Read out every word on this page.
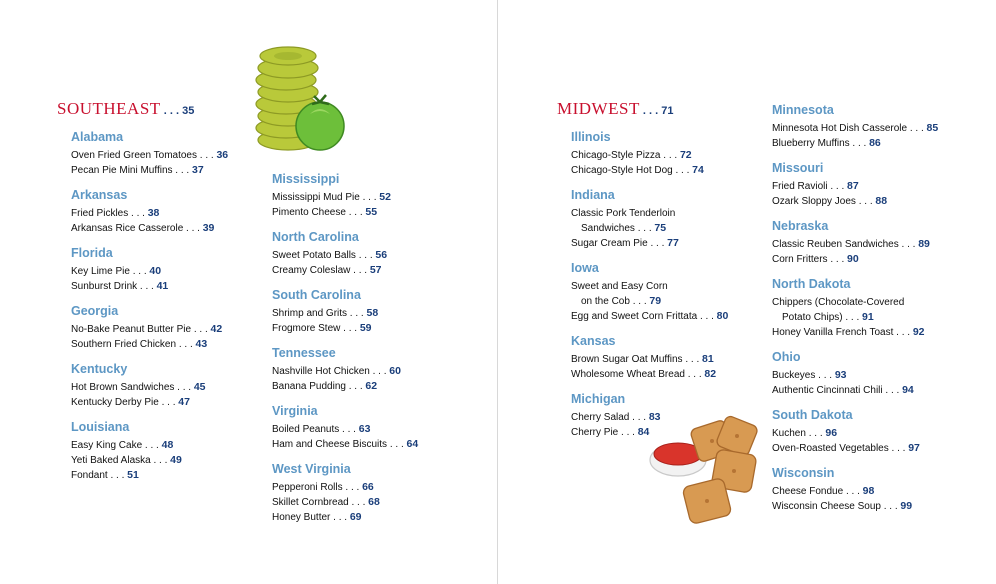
SOUTHEAST . . . 35
Alabama
Oven Fried Green Tomatoes . . . 36
Pecan Pie Mini Muffins . . . 37
Arkansas
Fried Pickles . . . 38
Arkansas Rice Casserole . . . 39
Florida
Key Lime Pie . . . 40
Sunburst Drink . . . 41
Georgia
No-Bake Peanut Butter Pie . . . 42
Southern Fried Chicken . . . 43
Kentucky
Hot Brown Sandwiches . . . 45
Kentucky Derby Pie . . . 47
Louisiana
Easy King Cake . . . 48
Yeti Baked Alaska . . . 49
Fondant . . . 51
Mississippi
Mississippi Mud Pie . . . 52
Pimento Cheese . . . 55
North Carolina
Sweet Potato Balls . . . 56
Creamy Coleslaw . . . 57
South Carolina
Shrimp and Grits . . . 58
Frogmore Stew . . . 59
Tennessee
Nashville Hot Chicken . . . 60
Banana Pudding . . . 62
Virginia
Boiled Peanuts . . . 63
Ham and Cheese Biscuits . . . 64
West Virginia
Pepperoni Rolls . . . 66
Skillet Cornbread . . . 68
Honey Butter . . . 69
MIDWEST . . . 71
Illinois
Chicago-Style Pizza . . . 72
Chicago-Style Hot Dog . . . 74
Indiana
Classic Pork Tenderloin
Sandwiches . . . 75
Sugar Cream Pie . . . 77
Iowa
Sweet and Easy Corn
on the Cob . . . 79
Egg and Sweet Corn Frittata . . . 80
Kansas
Brown Sugar Oat Muffins . . . 81
Wholesome Wheat Bread . . . 82
Michigan
Cherry Salad . . . 83
Cherry Pie . . . 84
Minnesota
Minnesota Hot Dish Casserole . . . 85
Blueberry Muffins . . . 86
Missouri
Fried Ravioli . . . 87
Ozark Sloppy Joes . . . 88
Nebraska
Classic Reuben Sandwiches . . . 89
Corn Fritters . . . 90
North Dakota
Chippers (Chocolate-Covered
Potato Chips) . . . 91
Honey Vanilla French Toast . . . 92
Ohio
Buckeyes . . . 93
Authentic Cincinnati Chili . . . 94
South Dakota
Kuchen . . . 96
Oven-Roasted Vegetables . . . 97
Wisconsin
Cheese Fondue . . . 98
Wisconsin Cheese Soup . . . 99
